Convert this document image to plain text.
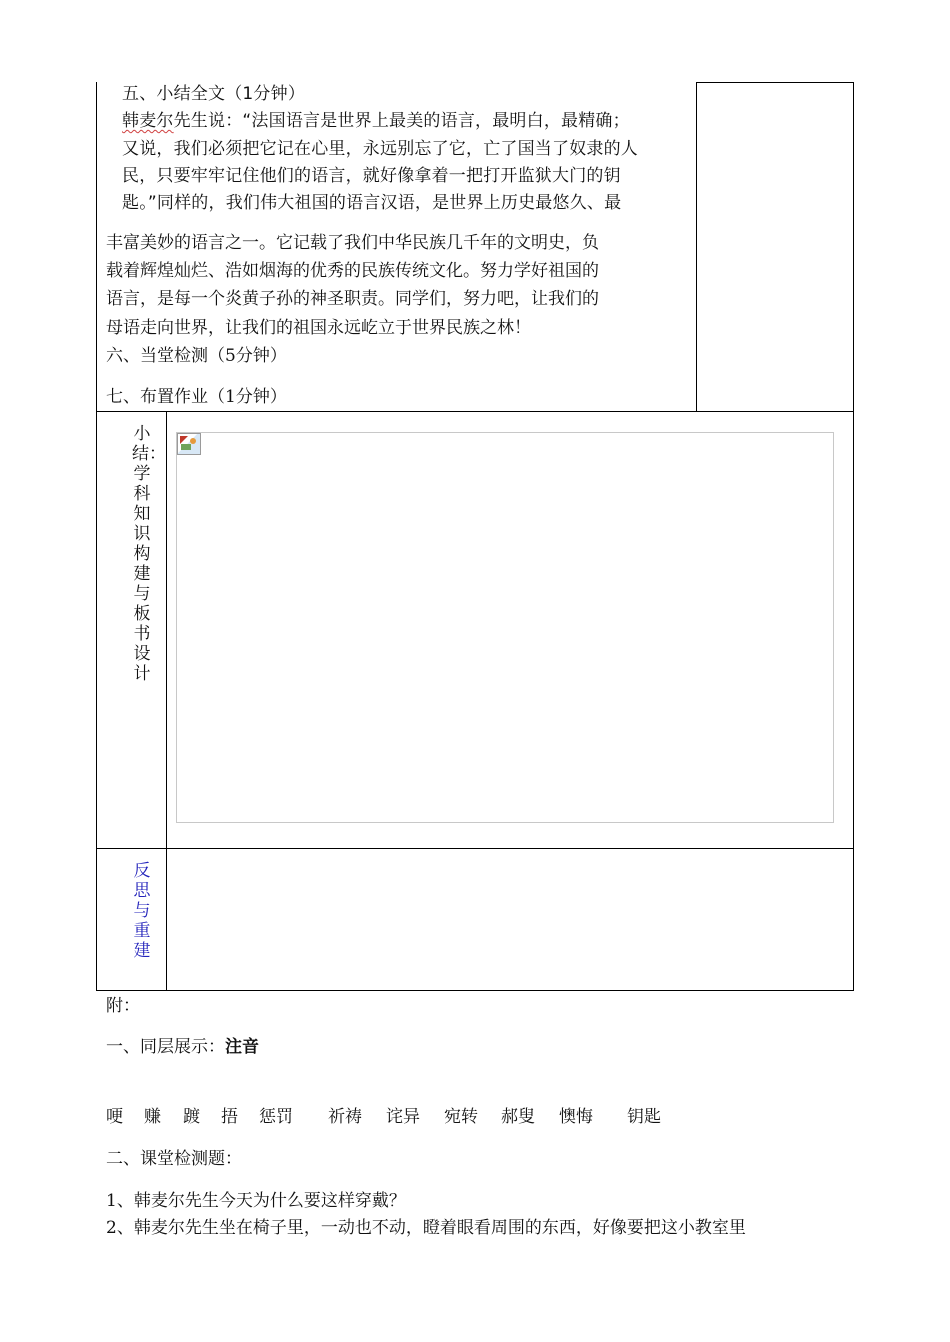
五、小结全文（1分钟）
韩麦尔先生说：“法国语言是世界上最美的语言，最明白，最精确；
又说，我们必须把它记在心里，永远别忘了它，亡了国当了奴隶的人
民，只要牢牢记住他们的语言，就好像拿着一把打开监狱大门的钥
匙。”同样的，我们伟大祖国的语言汉语，是世界上历史最悠久、最
丰富美妙的语言之一。它记载了我们中华民族几千年的文明史，负
载着辉煌灿烂、浩如烟海的优秀的民族传统文化。努力学好祖国的
语言，是每一个炎黄子孙的神圣职责。同学们，努力吧，让我们的
母语走向世界，让我们的祖国永远屹立于世界民族之林！
六、当堂检测（5分钟）
七、布置作业（1分钟）
小结：学科知识构建与板书设计
反思与重建
附：
一、同层展示：注音
哽 赚 踱 捂 惩罚 祈祷 诧异 宛转 郝叟 懊悔 钥匙
二、课堂检测题：
1、韩麦尔先生今天为什么要这样穿戴？
2、韩麦尔先生坐在椅子里，一动也不动，瞪着眼看周围的东西，好像要把这小教室里
